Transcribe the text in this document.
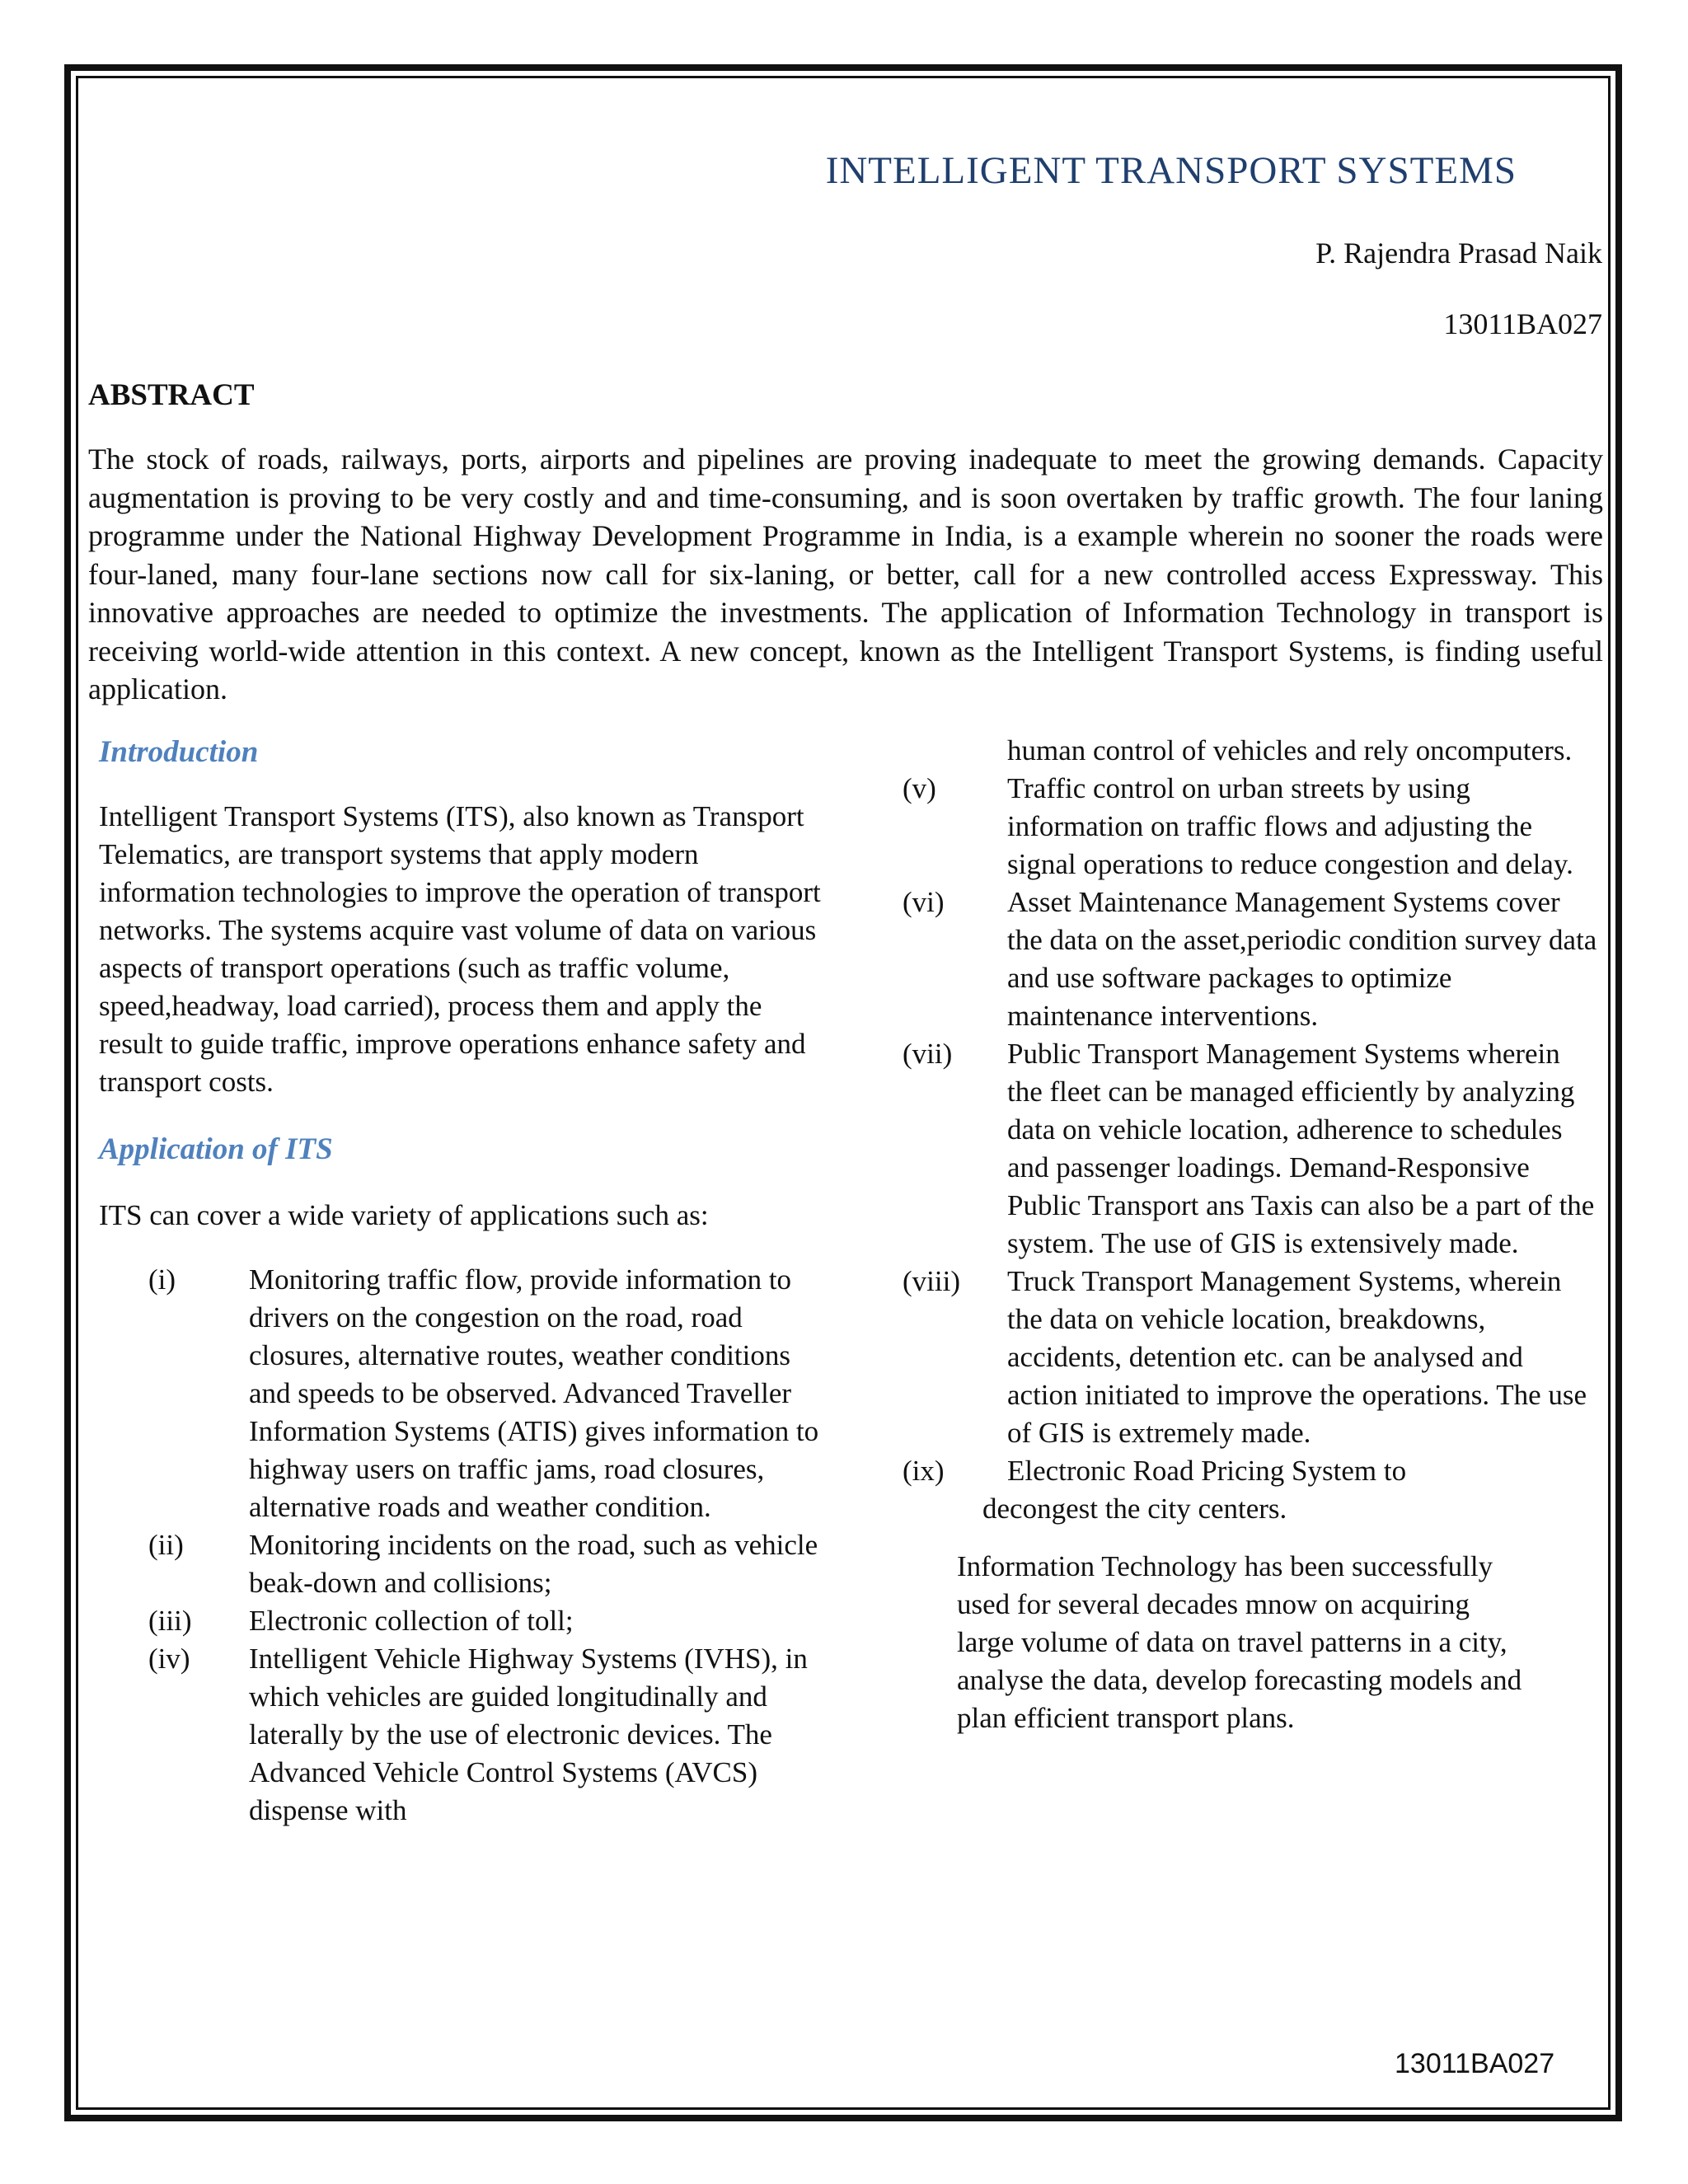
INTELLIGENT TRANSPORT SYSTEMS
P. Rajendra Prasad Naik
13011BA027
ABSTRACT
The stock of roads, railways, ports, airports and pipelines are proving inadequate to meet the growing demands. Capacity augmentation is proving to be very costly and and time-consuming, and is soon overtaken by traffic growth. The four laning programme under the National Highway Development Programme in India, is a example wherein no sooner the roads were four-laned, many four-lane sections now call for six-laning, or better, call for a new controlled access Expressway. This innovative approaches are needed to optimize the investments. The application of Information Technology in transport is receiving world-wide attention in this context. A new concept, known as the Intelligent Transport Systems, is finding useful application.
Introduction

Intelligent Transport Systems (ITS), also known as Transport Telematics, are transport systems that apply modern information technologies to improve the operation of transport networks. The systems acquire vast volume of data on various aspects of transport operations (such as traffic volume, speed,headway, load carried), process them and apply the result to guide traffic, improve operations enhance safety and transport costs.

Application of ITS

ITS can cover a wide variety of applications such as:

(i)	Monitoring traffic flow, provide information to drivers on the congestion on the road, road closures, alternative routes, weather conditions and speeds to be observed. Advanced Traveller Information Systems (ATIS) gives information to highway users on traffic jams, road closures, alternative roads and weather condition.
(ii) Monitoring incidents on the road, such as vehicle beak-down and collisions;
(iii) Electronic collection of toll;
(iv) Intelligent Vehicle Highway Systems (IVHS), in which vehicles are guided longitudinally and laterally by the use of electronic devices. The Advanced Vehicle Control Systems (AVCS) dispense with

human control of vehicles and rely oncomputers.

(v) Traffic control on urban streets by using information on traffic flows and adjusting the signal operations to reduce congestion and delay.
(vi) Asset Maintenance Management Systems cover the data on the asset,periodic condition survey data and use software packages to optimize maintenance interventions.
(vii) Public Transport Management Systems wherein the fleet can be managed efficiently by analyzing data on vehicle location, adherence to schedules and passenger loadings. Demand-Responsive Public Transport ans Taxis can also be a part of the system. The use of GIS is extensively made.
(viii) Truck Transport Management Systems, wherein the data on vehicle location, breakdowns, accidents, detention etc. can be analysed and action initiated to improve the operations. The use of GIS is extremely made.
(ix) Electronic Road Pricing System to

decongest the city centers.

Information Technology has been successfully used for several decades mnow on acquiring large volume of data on travel patterns in a city, analyse the data, develop forecasting models and plan efficient transport plans.

13011BA027
